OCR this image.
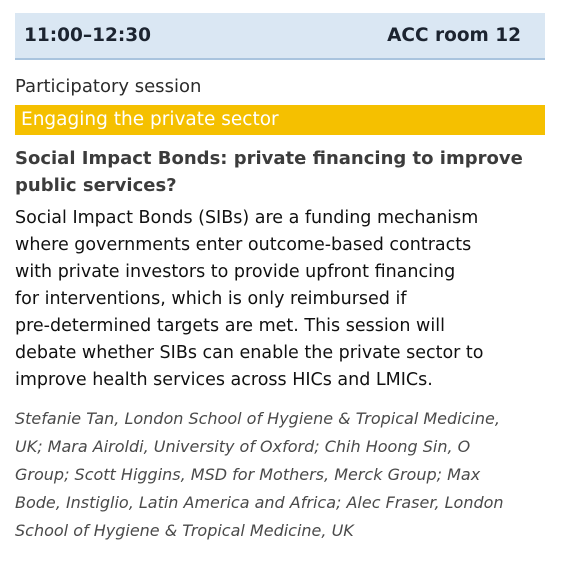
11:00–12:30	ACC room 12
Participatory session
Engaging the private sector
Social Impact Bonds: private financing to improve
public services?
Social Impact Bonds (SIBs) are a funding mechanism
where governments enter outcome-based contracts
with private investors to provide upfront financing
for interventions, which is only reimbursed if
pre-determined targets are met. This session will
debate whether SIBs can enable the private sector to
improve health services across HICs and LMICs.
Stefanie Tan, London School of Hygiene & Tropical Medicine,
UK; Mara Airoldi, University of Oxford; Chih Hoong Sin, O
Group; Scott Higgins, MSD for Mothers, Merck Group; Max
Bode, Instiglio, Latin America and Africa; Alec Fraser, London
School of Hygiene & Tropical Medicine, UK
